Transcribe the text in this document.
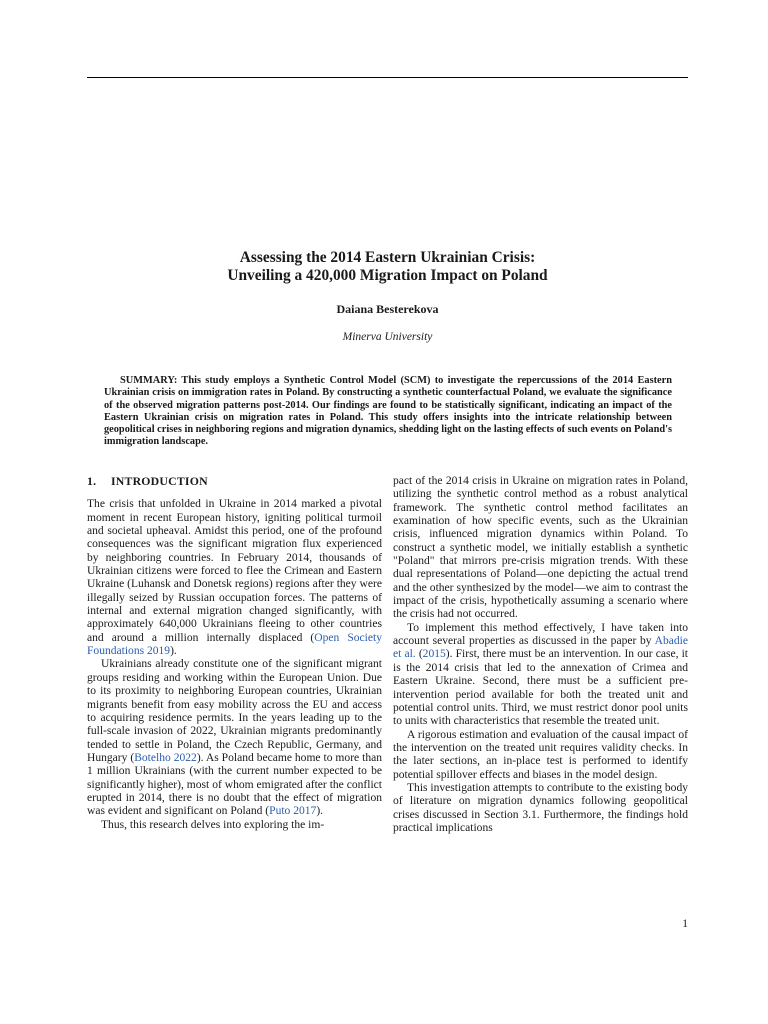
Assessing the 2014 Eastern Ukrainian Crisis:
Unveiling a 420,000 Migration Impact on Poland
Daiana Besterekova
Minerva University

SUMMARY: This study employs a Synthetic Control Model (SCM) to investigate the repercussions of the 2014 Eastern Ukrainian crisis on immigration rates in Poland. By constructing a synthetic counterfactual Poland, we evaluate the significance of the observed migration patterns post-2014. Our findings are found to be statistically significant, indicating an impact of the Eastern Ukrainian crisis on migration rates in Poland. This study offers insights into the intricate relationship between geopolitical crises in neighboring regions and migration dynamics, shedding light on the lasting effects of such events on Poland's immigration landscape.

1. INTRODUCTION

The crisis that unfolded in Ukraine in 2014 marked a pivotal moment in recent European history, igniting political turmoil and societal upheaval. Amidst this period, one of the profound consequences was the significant migration flux experienced by neighboring countries. In February 2014, thousands of Ukrainian citizens were forced to flee the Crimean and Eastern Ukraine (Luhansk and Donetsk regions) regions after they were illegally seized by Russian occupation forces. The patterns of internal and external migration changed significantly, with approximately 640,000 Ukrainians fleeing to other countries and around a million internally displaced (Open Society Foundations 2019).

Ukrainians already constitute one of the significant migrant groups residing and working within the European Union. Due to its proximity to neighboring European countries, Ukrainian migrants benefit from easy mobility across the EU and access to acquiring residence permits. In the years leading up to the full-scale invasion of 2022, Ukrainian migrants predominantly tended to settle in Poland, the Czech Republic, Germany, and Hungary (Botelho 2022). As Poland became home to more than 1 million Ukrainians (with the current number expected to be significantly higher), most of whom emigrated after the conflict erupted in 2014, there is no doubt that the effect of migration was evident and significant on Poland (Puto 2017).

Thus, this research delves into exploring the im-

pact of the 2014 crisis in Ukraine on migration rates in Poland, utilizing the synthetic control method as a robust analytical framework. The synthetic control method facilitates an examination of how specific events, such as the Ukrainian crisis, influenced migration dynamics within Poland. To construct a synthetic model, we initially establish a synthetic "Poland" that mirrors pre-crisis migration trends. With these dual representations of Poland—one depicting the actual trend and the other synthesized by the model—we aim to contrast the impact of the crisis, hypothetically assuming a scenario where the crisis had not occurred.

To implement this method effectively, I have taken into account several properties as discussed in the paper by Abadie et al. (2015). First, there must be an intervention. In our case, it is the 2014 crisis that led to the annexation of Crimea and Eastern Ukraine. Second, there must be a sufficient pre-intervention period available for both the treated unit and potential control units. Third, we must restrict donor pool units to units with characteristics that resemble the treated unit.

A rigorous estimation and evaluation of the causal impact of the intervention on the treated unit requires validity checks. In the later sections, an in-place test is performed to identify potential spillover effects and biases in the model design.

This investigation attempts to contribute to the existing body of literature on migration dynamics following geopolitical crises discussed in Section 3.1. Furthermore, the findings hold practical implications

1
